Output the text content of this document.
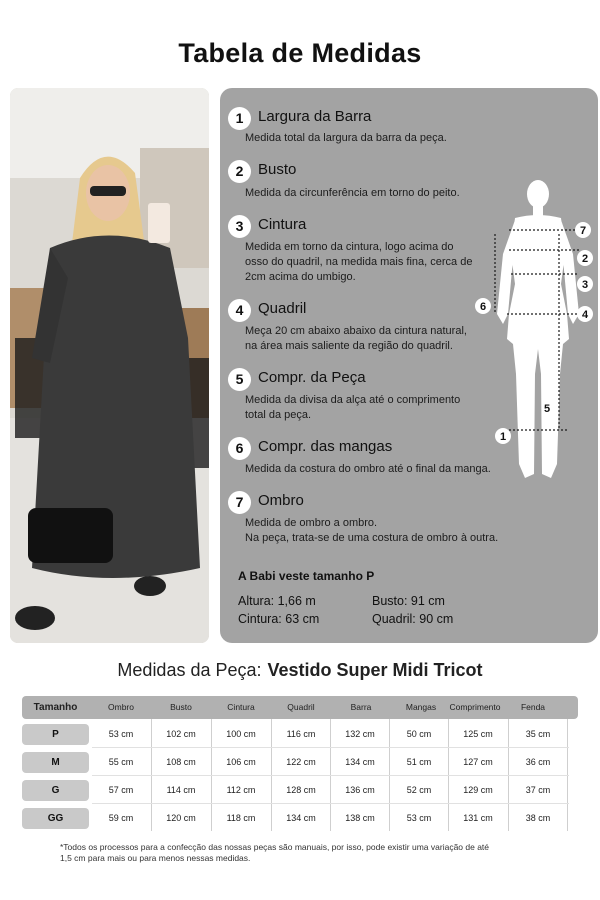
Tabela de Medidas
1 Largura da Barra
Medida total da largura da barra da peça.
2 Busto
Medida da circunferência em torno do peito.
3 Cintura
Medida em torno da cintura, logo acima do
osso do quadril, na medida mais fina, cerca de
2cm acima do umbigo.
4 Quadril
Meça 20 cm abaixo abaixo da cintura natural,
na área mais saliente da região do quadril.
5 Compr. da Peça
Medida da divisa da alça até o comprimento
total da peça.
6 Compr. das mangas
Medida da costura do ombro até o final da manga.
7 Ombro
Medida de ombro a ombro.
Na peça, trata-se de uma costura de ombro à outra.
A Babi veste tamanho P
Altura: 1,66 m	Busto: 91 cm
Cintura: 63 cm	Quadril: 90 cm
7
2
3
6
4
5
1
Medidas da Peça: Vestido Super Midi Tricot
Tamanho	Ombro	Busto	Cintura	Quadril	Barra	Mangas	Comprimento	Fenda
P	53 cm	102 cm	100 cm	116 cm	132 cm	50 cm	125 cm	35 cm
M	55 cm	108 cm	106 cm	122 cm	134 cm	51 cm	127 cm	36 cm
G	57 cm	114 cm	112 cm	128 cm	136 cm	52 cm	129 cm	37 cm
GG	59 cm	120 cm	118 cm	134 cm	138 cm	53 cm	131 cm	38 cm
*Todos os processos para a confecção das nossas peças são manuais, por isso, pode existir uma variação de até
1,5 cm para mais ou para menos nessas medidas.
